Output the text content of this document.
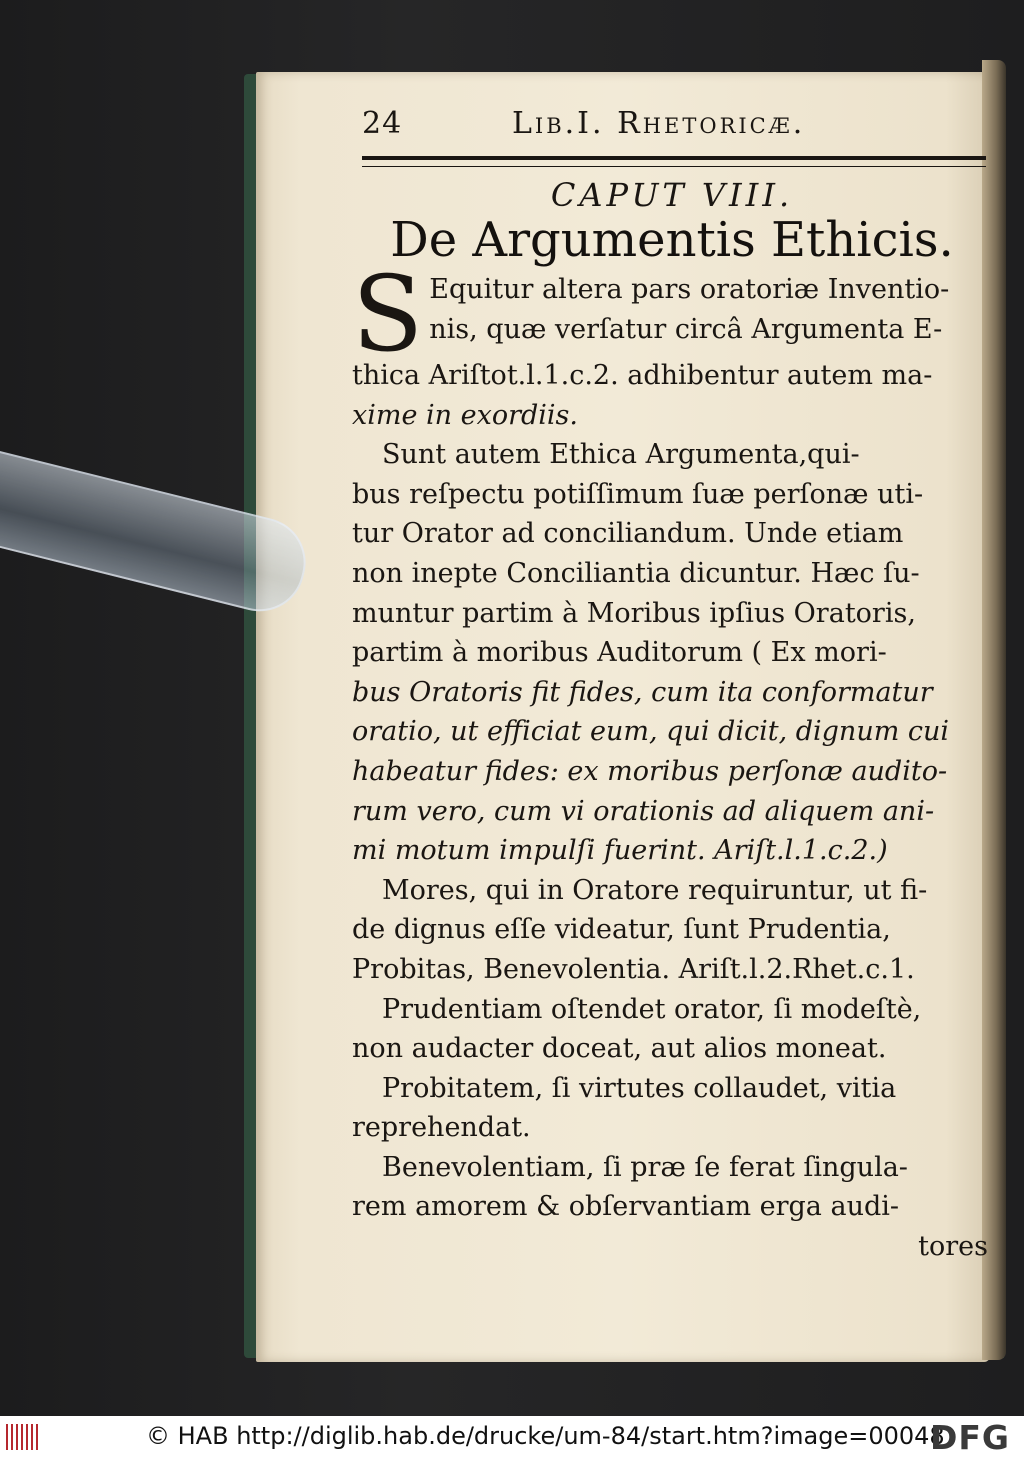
24	Lib.I. Rhetoricæ.
CAPUT VIII.
De Argumentis Ethicis.
S Equitur altera pars oratoriæ Inventio-
nis, quæ verſatur circâ Argumenta E-
thica Ariſtot.l.1.c.2. adhibentur autem ma-
xime in exordiis.
Sunt autem Ethica Argumenta,qui-
bus reſpectu potiſſimum ſuæ perſonæ uti-
tur Orator ad conciliandum. Unde etiam
non inepte Conciliantia dicuntur. Hæc ſu-
muntur partim à Moribus ipſius Oratoris,
partim à moribus Auditorum ( Ex mori-
bus Oratoris fit fides, cum ita conformatur
oratio, ut efficiat eum, qui dicit, dignum cui
habeatur fides: ex moribus perſonæ audito-
rum vero, cum vi orationis ad aliquem ani-
mi motum impulſi fuerint. Ariſt.l.1.c.2.)
Mores, qui in Oratore requiruntur, ut fi-
de dignus eſſe videatur, ſunt Prudentia,
Probitas, Benevolentia. Ariſt.l.2.Rhet.c.1.
Prudentiam oſtendet orator, ſi modeſtè,
non audacter doceat, aut alios moneat.
Probitatem, ſi virtutes collaudet, vitia
reprehendat.
Benevolentiam, ſi præ ſe ferat ſingula-
rem amorem & obſervantiam erga audi-
tores
© HAB http://diglib.hab.de/drucke/um-84/start.htm?image=00048
DFG
